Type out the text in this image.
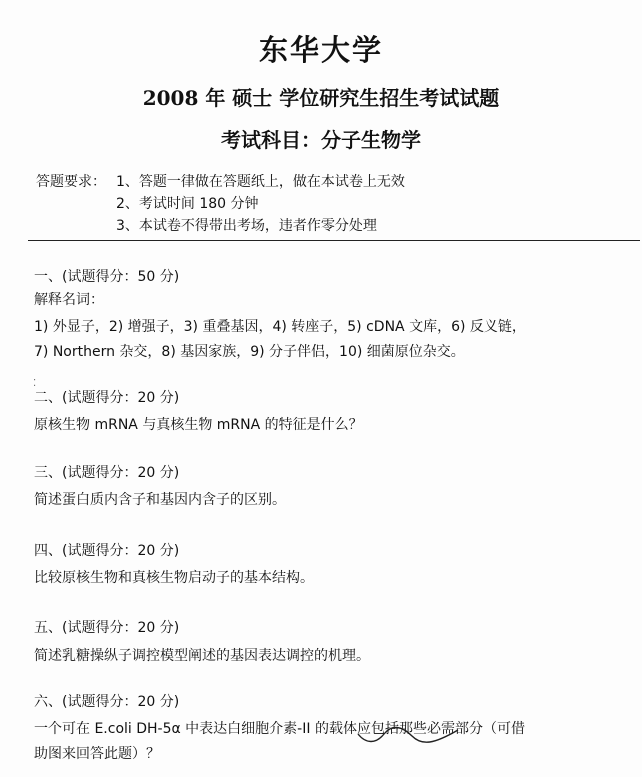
东华大学
2008 年 硕士 学位研究生招生考试试题
考试科目：分子生物学
答题要求： 1、答题一律做在答题纸上，做在本试卷上无效
2、考试时间 180 分钟
3、本试卷不得带出考场，违者作零分处理
一、(试题得分：50 分)
解释名词：
1) 外显子，2) 增强子，3) 重叠基因，4) 转座子，5) cDNA 文库，6) 反义链，
7) Northern 杂交，8) 基因家族，9) 分子伴侣，10) 细菌原位杂交。
⁚
二、(试题得分：20 分)
原核生物 mRNA 与真核生物 mRNA 的特征是什么？
三、(试题得分：20 分)
简述蛋白质内含子和基因内含子的区别。
四、(试题得分：20 分)
比较原核生物和真核生物启动子的基本结构。
五、(试题得分：20 分)
简述乳糖操纵子调控模型阐述的基因表达调控的机理。
六、(试题得分：20 分)
一个可在 E.coli DH-5α 中表达白细胞介素-II 的载体应包括那些必需部分（可借
助图来回答此题）？
